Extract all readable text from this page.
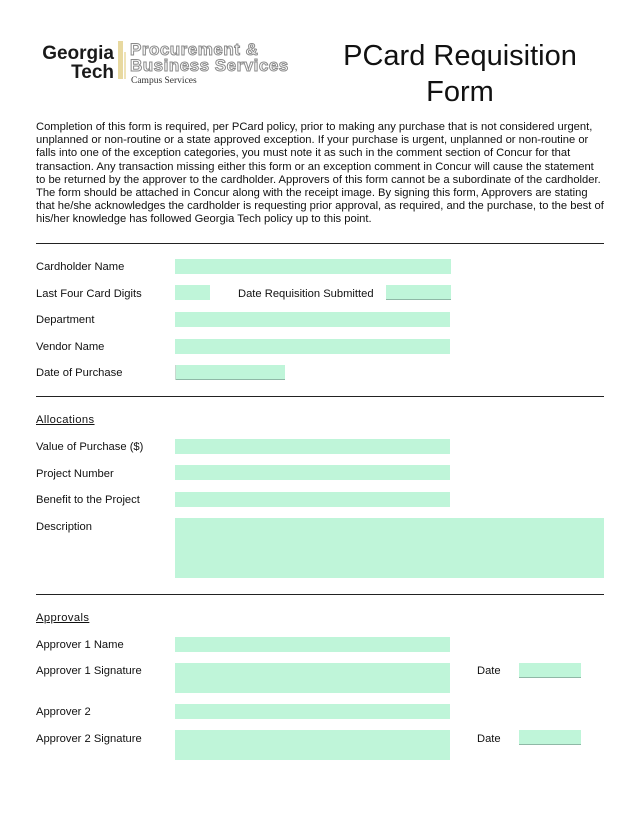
Georgia
Tech
Procurement &
Business Services
Campus Services
PCard Requisition
Form
Completion of this form is required, per PCard policy, prior to making any purchase that is not considered urgent, unplanned or non-routine or a state approved exception. If your purchase is urgent, unplanned or non-routine or falls into one of the exception categories, you must note it as such in the comment section of Concur for that transaction. Any transaction missing either this form or an exception comment in Concur will cause the statement to be returned by the approver to the cardholder. Approvers of this form cannot be a subordinate of the cardholder. The form should be attached in Concur along with the receipt image. By signing this form, Approvers are stating that he/she acknowledges the cardholder is requesting prior approval, as required, and the purchase, to the best of his/her knowledge has followed Georgia Tech policy up to this point.
Cardholder Name
Last Four Card Digits	Date Requisition Submitted
Department
Vendor Name
Date of Purchase
Allocations
Value of Purchase ($)
Project Number
Benefit to the Project
Description
Approvals
Approver 1 Name
Approver 1 Signature	Date
Approver 2
Approver 2 Signature	Date
